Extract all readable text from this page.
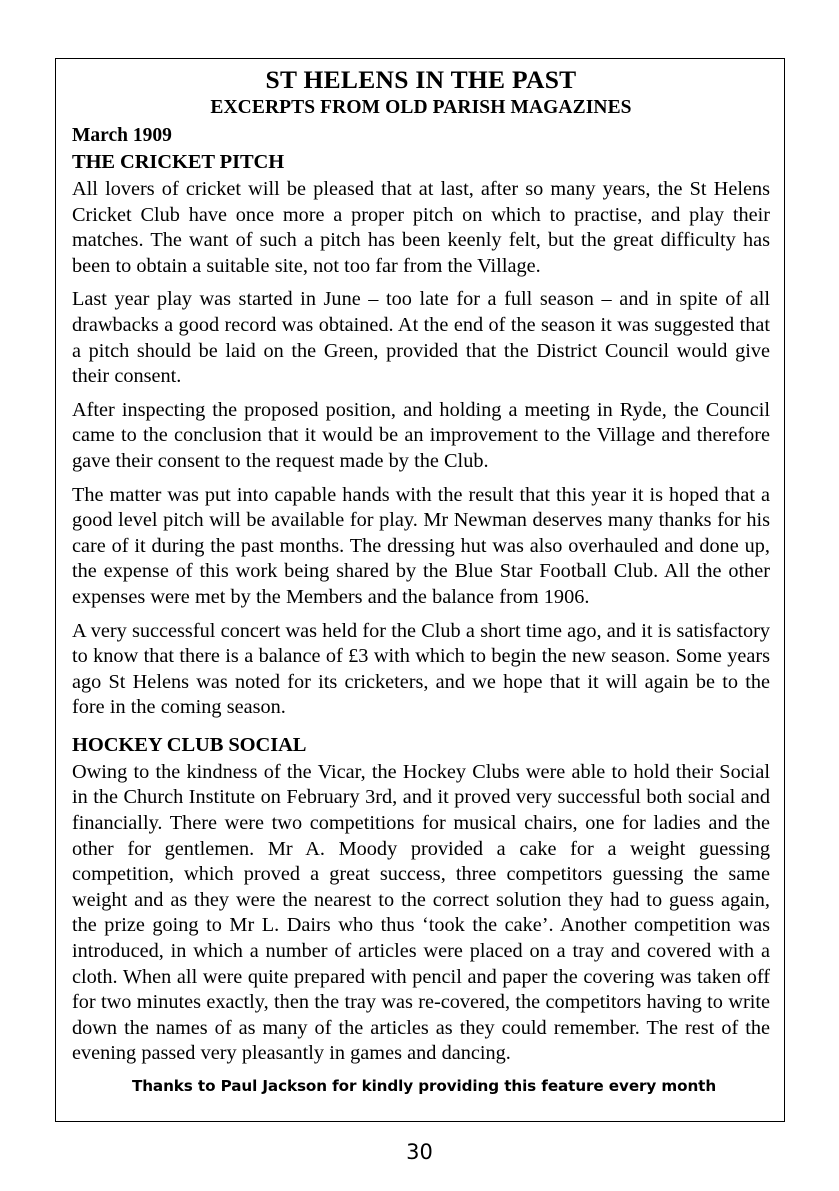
ST HELENS IN THE PAST
EXCERPTS FROM OLD PARISH MAGAZINES
March 1909
THE CRICKET PITCH

All lovers of cricket will be pleased that at last, after so many years, the St Helens Cricket Club have once more a proper pitch on which to practise, and play their matches. The want of such a pitch has been keenly felt, but the great difficulty has been to obtain a suitable site, not too far from the Village.

Last year play was started in June – too late for a full season – and in spite of all drawbacks a good record was obtained. At the end of the season it was suggested that a pitch should be laid on the Green, provided that the District Council would give their consent.

After inspecting the proposed position, and holding a meeting in Ryde, the Council came to the conclusion that it would be an improvement to the Village and therefore gave their consent to the request made by the Club.

The matter was put into capable hands with the result that this year it is hoped that a good level pitch will be available for play. Mr Newman deserves many thanks for his care of it during the past months. The dressing hut was also overhauled and done up, the expense of this work being shared by the Blue Star Football Club. All the other expenses were met by the Members and the balance from 1906.

A very successful concert was held for the Club a short time ago, and it is satisfactory to know that there is a balance of £3 with which to begin the new season. Some years ago St Helens was noted for its cricketers, and we hope that it will again be to the fore in the coming season.

HOCKEY CLUB SOCIAL

Owing to the kindness of the Vicar, the Hockey Clubs were able to hold their Social in the Church Institute on February 3rd, and it proved very successful both social and financially. There were two competitions for musical chairs, one for ladies and the other for gentlemen. Mr A. Moody provided a cake for a weight guessing competition, which proved a great success, three competitors guessing the same weight and as they were the nearest to the correct solution they had to guess again, the prize going to Mr L. Dairs who thus ‘took the cake’. Another competition was introduced, in which a number of articles were placed on a tray and covered with a cloth. When all were quite prepared with pencil and paper the covering was taken off for two minutes exactly, then the tray was re-covered, the competitors having to write down the names of as many of the articles as they could remember. The rest of the evening passed very pleasantly in games and dancing.

Thanks to Paul Jackson for kindly providing this feature every month
30
